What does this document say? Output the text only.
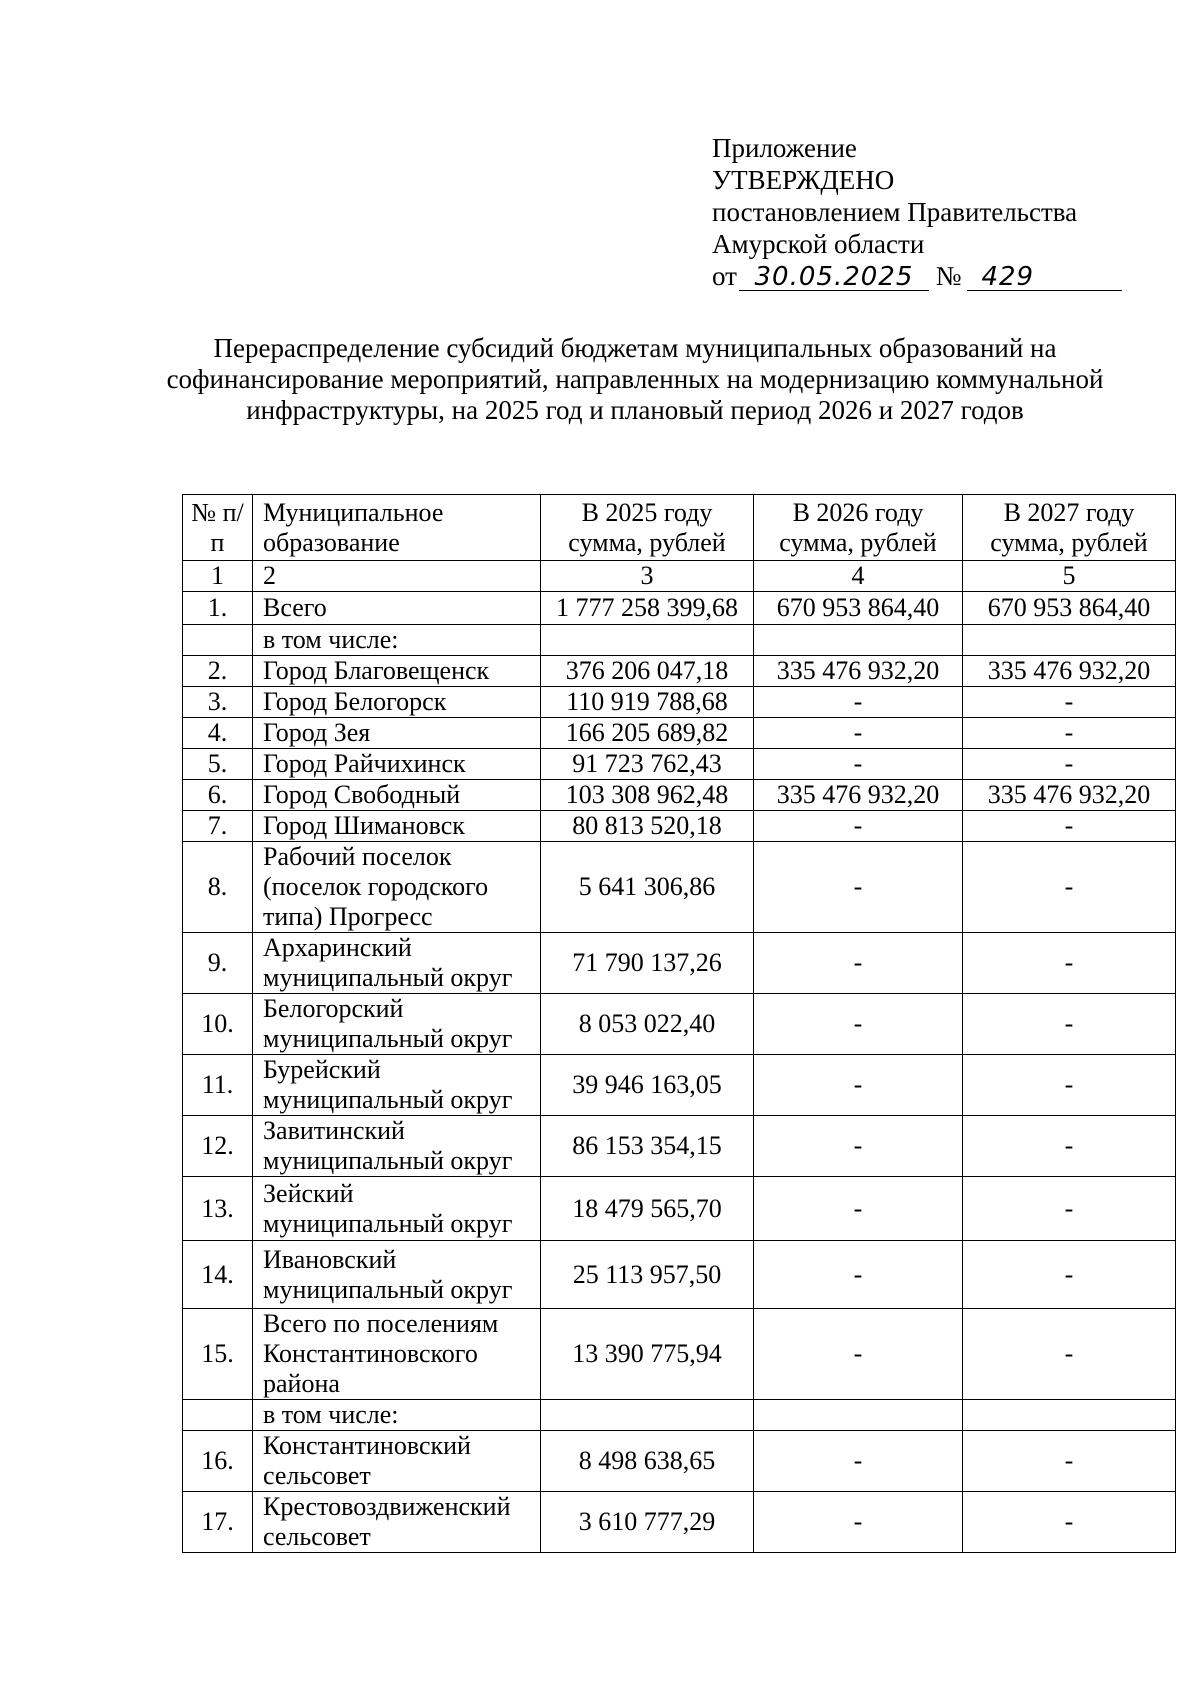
Приложение
УТВЕРЖДЕНО
постановлением Правительства
Амурской области
от 30.05.2025 № 429
Перераспределение субсидий бюджетам муниципальных образований на софинансирование мероприятий, направленных на модернизацию коммунальной инфраструктуры, на 2025 год и плановый период 2026 и 2027 годов
№ п/п	Муниципальное образование	В 2025 году сумма, рублей	В 2026 году сумма, рублей	В 2027 году сумма, рублей
1	2	3	4	5
1.	Всего	1 777 258 399,68	670 953 864,40	670 953 864,40
	в том числе:			
2.	Город Благовещенск	376 206 047,18	335 476 932,20	335 476 932,20
3.	Город Белогорск	110 919 788,68	-	-
4.	Город Зея	166 205 689,82	-	-
5.	Город Райчихинск	91 723 762,43	-	-
6.	Город Свободный	103 308 962,48	335 476 932,20	335 476 932,20
7.	Город Шимановск	80 813 520,18	-	-
8.	Рабочий поселок (поселок городского типа) Прогресс	5 641 306,86	-	-
9.	Архаринский муниципальный округ	71 790 137,26	-	-
10.	Белогорский муниципальный округ	8 053 022,40	-	-
11.	Бурейский муниципальный округ	39 946 163,05	-	-
12.	Завитинский муниципальный округ	86 153 354,15	-	-
13.	Зейский муниципальный округ	18 479 565,70	-	-
14.	Ивановский муниципальный округ	25 113 957,50	-	-
15.	Всего по поселениям Константиновского района	13 390 775,94	-	-
	в том числе:			
16.	Константиновский сельсовет	8 498 638,65	-	-
17.	Крестовоздвиженский сельсовет	3 610 777,29	-	-
